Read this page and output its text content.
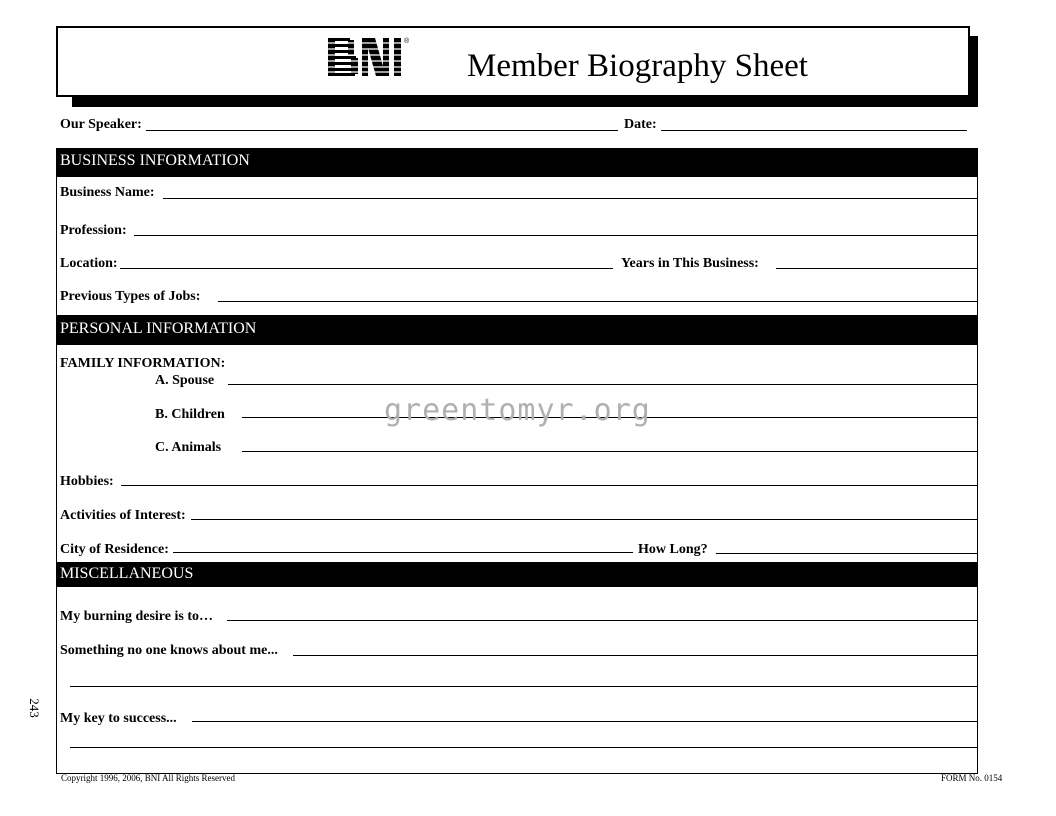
®
Member Biography Sheet
Our Speaker:	Date:
BUSINESS INFORMATION
Business Name:
Profession:
Location:	Years in This Business:
Previous Types of Jobs:
PERSONAL INFORMATION
FAMILY INFORMATION:
A. Spouse
B. Children
C. Animals
Hobbies:
Activities of Interest:
City of Residence:	How Long?
MISCELLANEOUS
My burning desire is to…
Something no one knows about me...
My key to success...
greentomyr.org
243
Copyright 1996, 2006, BNI All Rights Reserved	FORM No. 0154
